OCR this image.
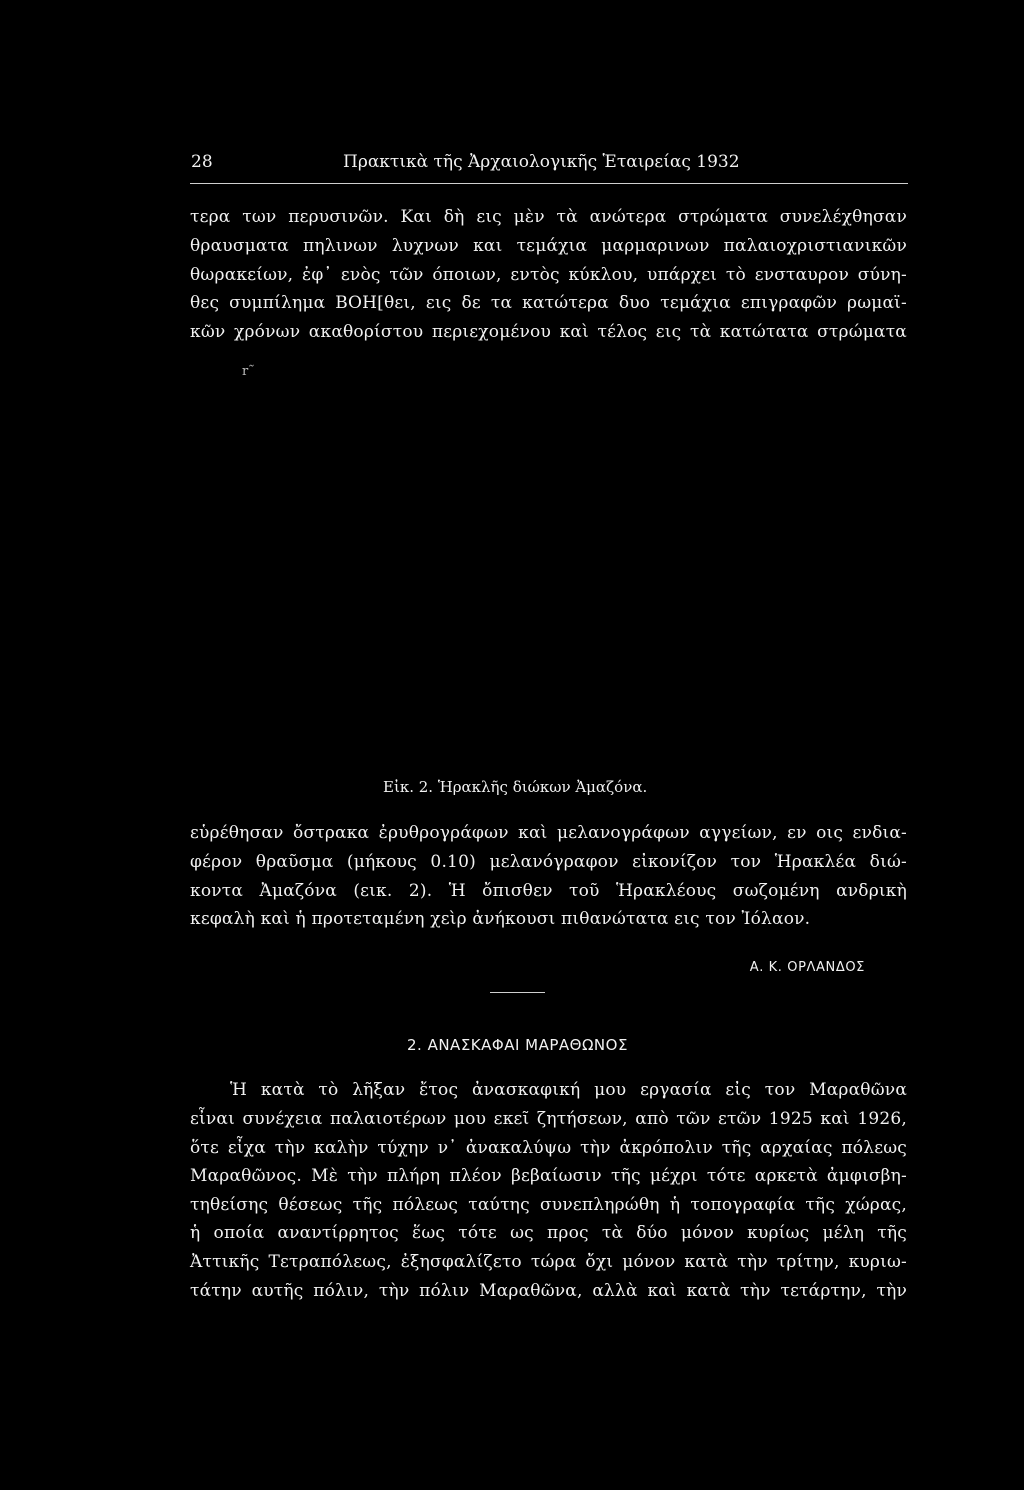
28	Πρακτικὰ τῆς Ἀρχαιολογικῆς Ἑταιρείας 1932
τερα των περυσινῶν. Και δὴ εις μὲν τὰ ανώτερα στρώματα συνελέχθησαν
θραυσματα πηλινων λυχνων και τεμάχια μαρμαρινων παλαιοχριστιανικῶν
θωρακείων, ἐφ᾽ ενὸς τῶν όποιων, εντὸς κύκλου, υπάρχει τὸ ενσταυρον σύνη-
θες συμπίλημα ΒΟΗ[θει, εις δε τα κατώτερα δυο τεμάχια επιγραφῶν ρωμαϊ-
κῶν χρόνων ακαθορίστου περιεχομένου καὶ τέλος εις τὰ κατώτατα στρώματα
r˜
Εἰκ. 2. Ἡρακλῆς διώκων Ἀμαζόνα.
εὑρέθησαν ὄστρακα ἐρυθρογράφων καὶ μελανογράφων αγγείων, εν οις ενδια-
φέρον θραῦσμα (μήκους 0.10) μελανόγραφον εἰκονίζον τον Ἡρακλέα διώ-
κοντα Ἀμαζόνα (εικ. 2). Ἡ ὄπισθεν τοῦ Ἡρακλέους σωζομένη ανδρικὴ
κεφαλὴ καὶ ἡ προτεταμένη χεὶρ ἀνήκουσι πιθανώτατα εις τον Ἰόλαον.
Α. Κ. ΟΡΛΑΝΔΟΣ
2. ΑΝΑΣΚΑΦΑΙ ΜΑΡΑΘΩΝΟΣ
Ἡ κατὰ τὸ λῆξαν ἔτος ἀνασκαφική μου εργασία εἰς τον Μαραθῶνα
εἶναι συνέχεια παλαιοτέρων μου εκεῖ ζητήσεων, απὸ τῶν ετῶν 1925 καὶ 1926,
ὅτε εἶχα τὴν καλὴν τύχην ν᾽ ἀνακαλύψω τὴν ἀκρόπολιν τῆς αρχαίας πόλεως
Μαραθῶνος. Μὲ τὴν πλήρη πλέον βεβαίωσιν τῆς μέχρι τότε αρκετὰ ἀμφισβη-
τηθείσης θέσεως τῆς πόλεως ταύτης συνεπληρώθη ἡ τοπογραφία τῆς χώρας,
ἡ οποία αναντίρρητος ἕως τότε ως προς τὰ δύο μόνον κυρίως μέλη τῆς
Ἀττικῆς Τετραπόλεως, ἐξησφαλίζετο τώρα ὄχι μόνον κατὰ τὴν τρίτην, κυριω-
τάτην αυτῆς πόλιν, τὴν πόλιν Μαραθῶνα, αλλὰ καὶ κατὰ τὴν τετάρτην, τὴν
